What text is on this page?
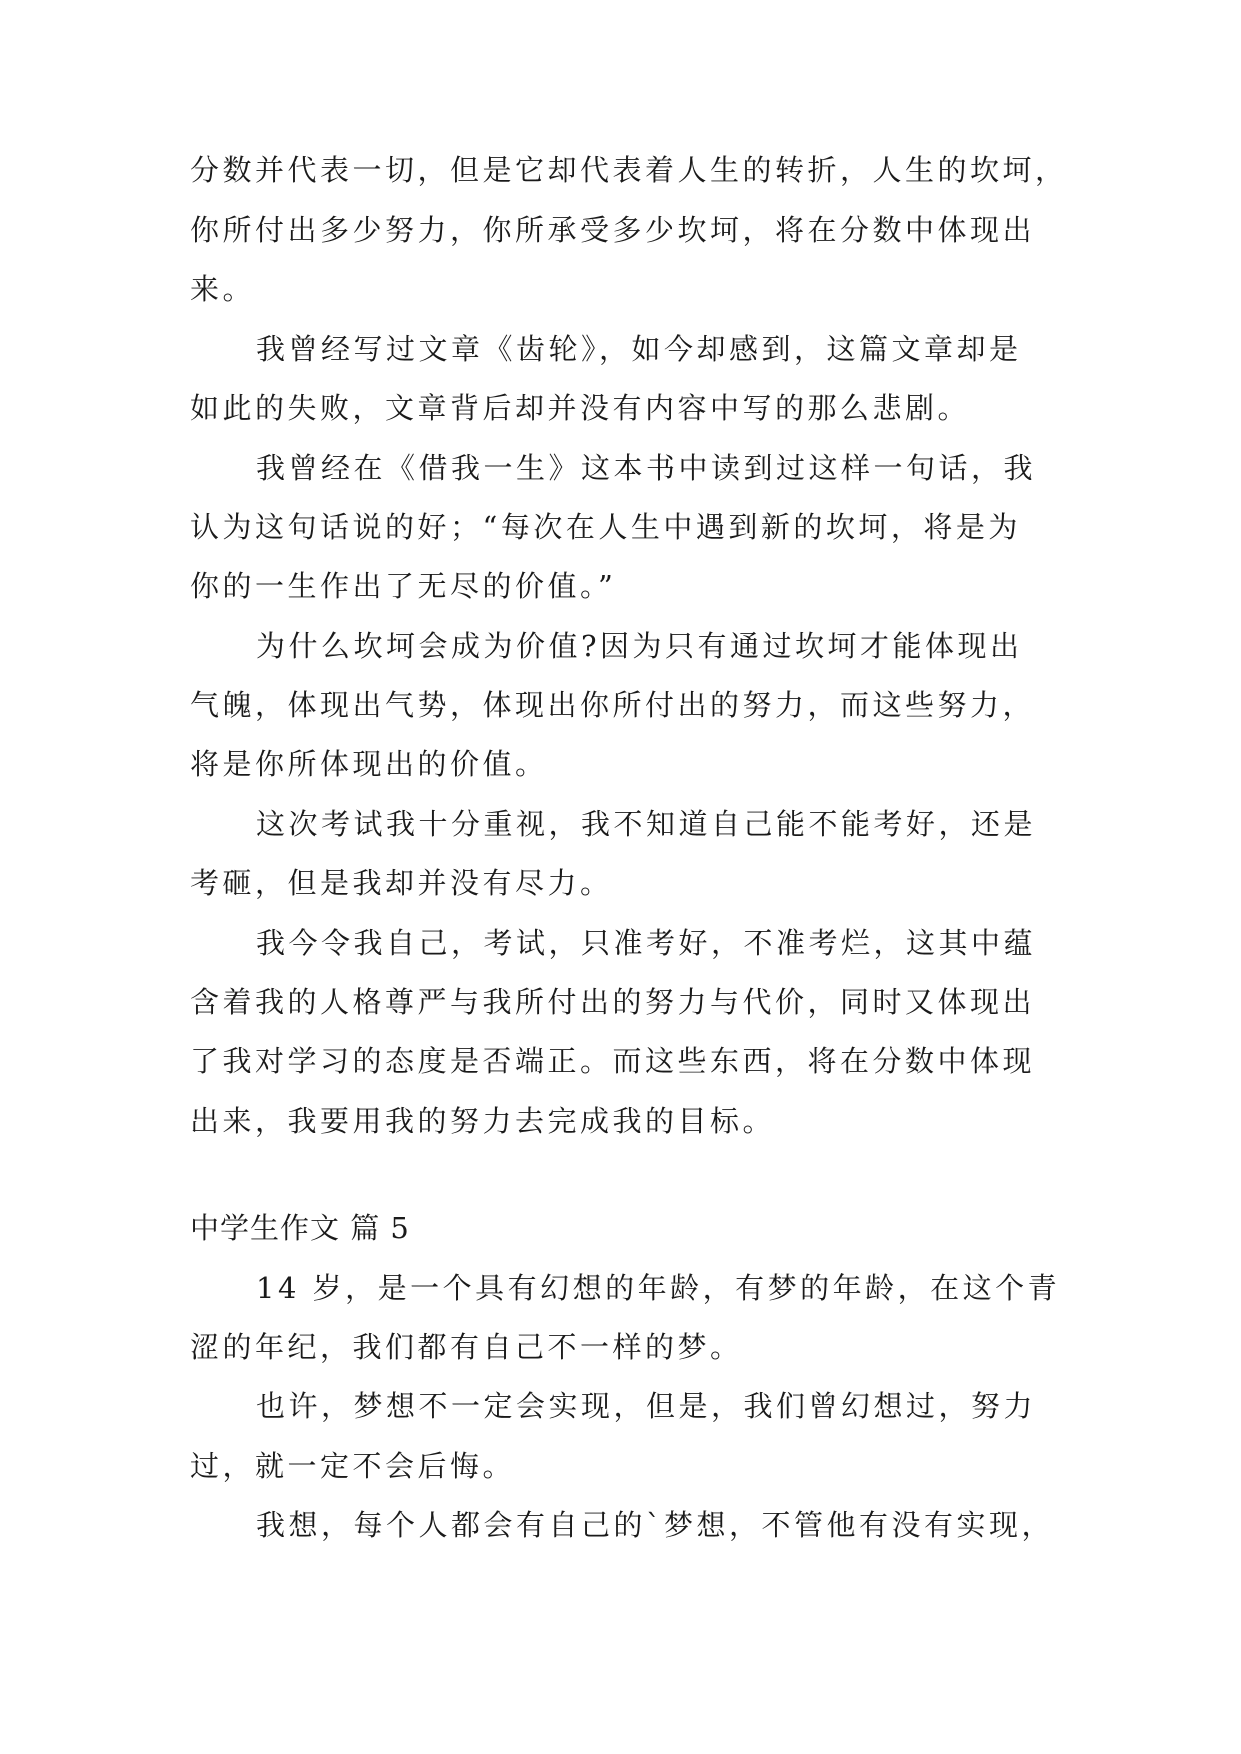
分数并代表一切，但是它却代表着人生的转折，人生的坎坷，
你所付出多少努力，你所承受多少坎坷，将在分数中体现出
来。
我曾经写过文章《齿轮》，如今却感到，这篇文章却是
如此的失败，文章背后却并没有内容中写的那么悲剧。
我曾经在《借我一生》这本书中读到过这样一句话，我
认为这句话说的好；“每次在人生中遇到新的坎坷，将是为
你的一生作出了无尽的价值。”
为什么坎坷会成为价值?因为只有通过坎坷才能体现出
气魄，体现出气势，体现出你所付出的努力，而这些努力，
将是你所体现出的价值。
这次考试我十分重视，我不知道自己能不能考好，还是
考砸，但是我却并没有尽力。
我今令我自己，考试，只准考好，不准考烂，这其中蕴
含着我的人格尊严与我所付出的努力与代价，同时又体现出
了我对学习的态度是否端正。而这些东西，将在分数中体现
出来，我要用我的努力去完成我的目标。
中学生作文 篇 5
14 岁，是一个具有幻想的年龄，有梦的年龄，在这个青
涩的年纪，我们都有自己不一样的梦。
也许，梦想不一定会实现，但是，我们曾幻想过，努力
过，就一定不会后悔。
我想，每个人都会有自己的`梦想，不管他有没有实现，
